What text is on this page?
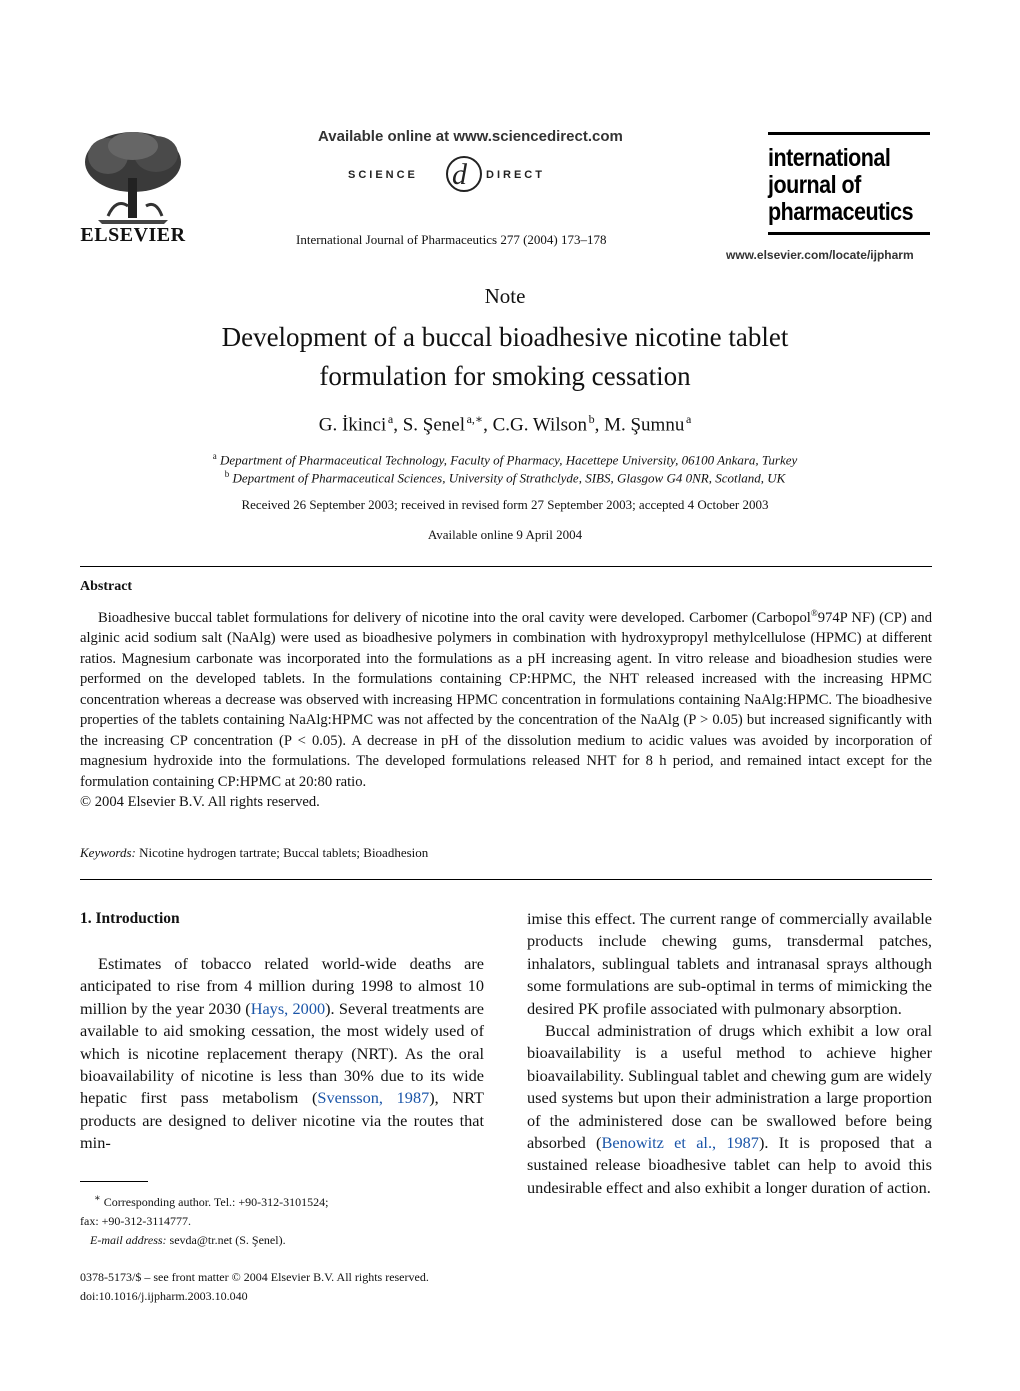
ELSEVIER
Available online at www.sciencedirect.com
SCIENCE d DIRECT
International Journal of Pharmaceutics 277 (2004) 173–178
international
journal of
pharmaceutics
www.elsevier.com/locate/ijpharm
Note
Development of a buccal bioadhesive nicotine tablet
formulation for smoking cessation
G. İkinci  $^a$, S. Şenel  $^{a,∗}$, C.G. Wilson  $^b$, M. Şumnu  $^a$
$^a$ Department of Pharmaceutical Technology, Faculty of Pharmacy, Hacettepe University, 06100 Ankara, Turkey
$^b$ Department of Pharmaceutical Sciences, University of Strathclyde, SIBS, Glasgow G4 0NR, Scotland, UK
Received 26 September 2003; received in revised form 27 September 2003; accepted 4 October 2003
Available online 9 April 2004
Abstract

Bioadhesive buccal tablet formulations for delivery of nicotine into the oral cavity were developed. Carbomer (Carbopol®974P NF) (CP) and alginic acid sodium salt (NaAlg) were used as bioadhesive polymers in combination with hydroxypropyl methylcellulose (HPMC) at different ratios. Magnesium carbonate was incorporated into the formulations as a pH increasing agent. In vitro release and bioadhesion studies were performed on the developed tablets. In the formulations containing CP:HPMC, the NHT released increased with the increasing HPMC concentration whereas a decrease was observed with increasing HPMC concentration in formulations containing NaAlg:HPMC. The bioadhesive properties of the tablets containing NaAlg:HPMC was not affected by the concentration of the NaAlg (P > 0.05) but increased significantly with the increasing CP concentration (P < 0.05). A decrease in pH of the dissolution medium to acidic values was avoided by incorporation of magnesium hydroxide into the formulations. The developed formulations released NHT for 8 h period, and remained intact except for the formulation containing CP:HPMC at 20:80 ratio.

© 2004 Elsevier B.V. All rights reserved.

Keywords: Nicotine hydrogen tartrate; Buccal tablets; Bioadhesion
1. Introduction

Estimates of tobacco related world-wide deaths are anticipated to rise from 4 million during 1998 to almost 10 million by the year 2030 (Hays, 2000). Several treatments are available to aid smoking cessation, the most widely used of which is nicotine replacement therapy (NRT). As the oral bioavailability of nicotine is less than 30% due to its wide hepatic first pass metabolism (Svensson, 1987), NRT products are designed to deliver nicotine via the routes that min-

imise this effect. The current range of commercially available products include chewing gums, transdermal patches, inhalators, sublingual tablets and intranasal sprays although some formulations are sub-optimal in terms of mimicking the desired PK profile associated with pulmonary absorption.

Buccal administration of drugs which exhibit a low oral bioavailability is a useful method to achieve higher bioavailability. Sublingual tablet and chewing gum are widely used systems but upon their administration a large proportion of the administered dose can be swallowed before being absorbed (Benowitz et al., 1987). It is proposed that a sustained release bioadhesive tablet can help to avoid this undesirable effect and also exhibit a longer duration of action.

∗ Corresponding author. Tel.: +90-312-3101524;

fax: +90-312-3114777.

E-mail address: sevda@tr.net (S. Şenel).

0378-5173/$ – see front matter © 2004 Elsevier B.V. All rights reserved.
doi:10.1016/j.ijpharm.2003.10.040
